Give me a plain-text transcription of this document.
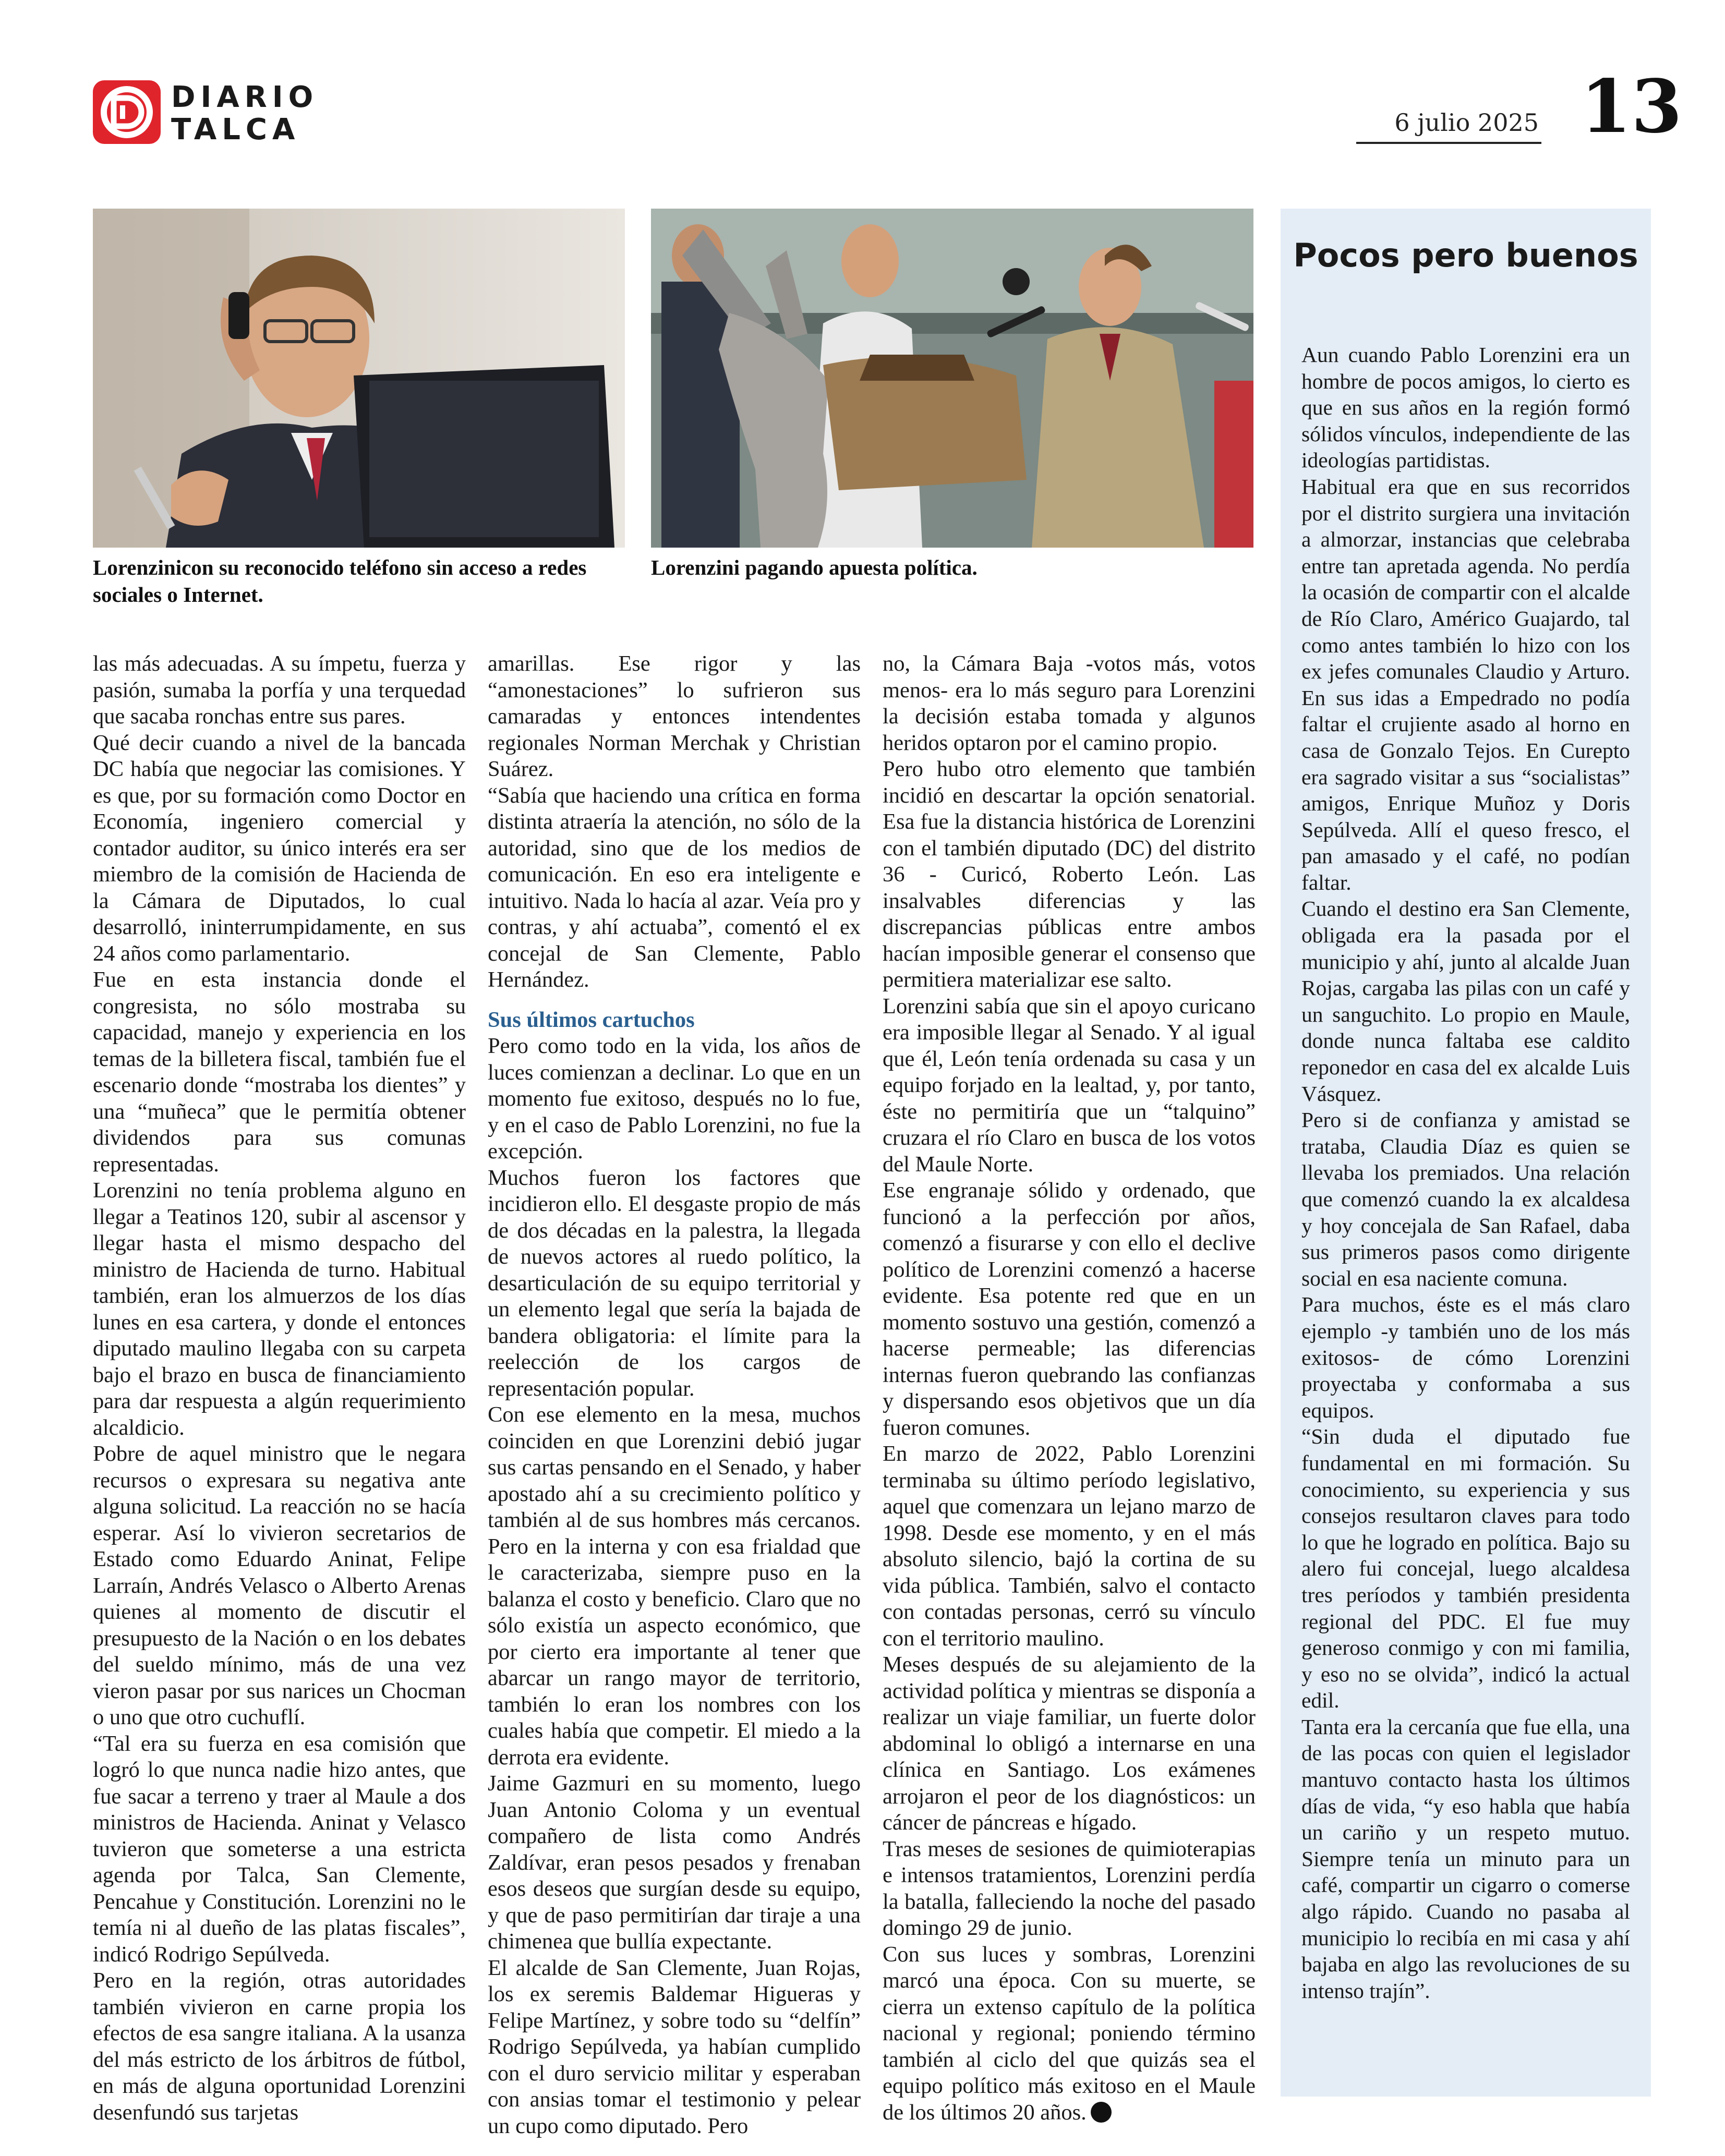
DIARIO
TALCA	6 julio 2025 13
Lorenzinicon su reconocido teléfono sin acceso a redes sociales o Internet.
Lorenzini pagando apuesta política.

las más adecuadas. A su ímpetu, fuerza y pasión, sumaba la porfía y una terquedad que sacaba ronchas entre sus pares.

Qué decir cuando a nivel de la bancada DC había que negociar las comisiones. Y es que, por su formación como Doctor en Economía, ingeniero comercial y contador auditor, su único interés era ser miembro de la comisión de Hacienda de la Cámara de Diputados, lo cual desarrolló, ininterrumpidamente, en sus 24 años como parlamentario.

Fue en esta instancia donde el congresista, no sólo mostraba su capacidad, manejo y experiencia en los temas de la billetera fiscal, también fue el escenario donde “mostraba los dientes” y una “muñeca” que le permitía obtener dividendos para sus comunas representadas.

Lorenzini no tenía problema alguno en llegar a Teatinos 120, subir al ascensor y llegar hasta el mismo despacho del ministro de Hacienda de turno. Habitual también, eran los almuerzos de los días lunes en esa cartera, y donde el entonces diputado maulino llegaba con su carpeta bajo el brazo en busca de financiamiento para dar respuesta a algún requerimiento alcaldicio.

Pobre de aquel ministro que le negara recursos o expresara su negativa ante alguna solicitud. La reacción no se hacía esperar. Así lo vivieron secretarios de Estado como Eduardo Aninat, Felipe Larraín, Andrés Velasco o Alberto Arenas quienes al momento de discutir el presupuesto de la Nación o en los debates del sueldo mínimo, más de una vez vieron pasar por sus narices un Chocman o uno que otro cuchuflí.

“Tal era su fuerza en esa comisión que logró lo que nunca nadie hizo antes, que fue sacar a terreno y traer al Maule a dos ministros de Hacienda. Aninat y Velasco tuvieron que someterse a una estricta agenda por Talca, San Clemente, Pencahue y Constitución. Lorenzini no le temía ni al dueño de las platas fiscales”, indicó Rodrigo Sepúlveda.

Pero en la región, otras autoridades también vivieron en carne propia los efectos de esa sangre italiana. A la usanza del más estricto de los árbitros de fútbol, en más de alguna oportunidad Lorenzini desenfundó sus tarjetas

amarillas. Ese rigor y las “amonestaciones” lo sufrieron sus camaradas y entonces intendentes regionales Norman Merchak y Christian Suárez.

“Sabía que haciendo una crítica en forma distinta atraería la atención, no sólo de la autoridad, sino que de los medios de comunicación. En eso era inteligente e intuitivo. Nada lo hacía al azar. Veía pro y contras, y ahí actuaba”, comentó el ex concejal de San Clemente, Pablo Hernández.

Sus últimos cartuchos

Pero como todo en la vida, los años de luces comienzan a declinar. Lo que en un momento fue exitoso, después no lo fue, y en el caso de Pablo Lorenzini, no fue la excepción.

Muchos fueron los factores que incidieron ello. El desgaste propio de más de dos décadas en la palestra, la llegada de nuevos actores al ruedo político, la desarticulación de su equipo territorial y un elemento legal que sería la bajada de bandera obligatoria: el límite para la reelección de los cargos de representación popular.

Con ese elemento en la mesa, muchos coinciden en que Lorenzini debió jugar sus cartas pensando en el Senado, y haber apostado ahí a su crecimiento político y también al de sus hombres más cercanos. Pero en la interna y con esa frialdad que le caracterizaba, siempre puso en la balanza el costo y beneficio. Claro que no sólo existía un aspecto económico, que por cierto era importante al tener que abarcar un rango mayor de territorio, también lo eran los nombres con los cuales había que competir. El miedo a la derrota era evidente.

Jaime Gazmuri en su momento, luego Juan Antonio Coloma y un eventual compañero de lista como Andrés Zaldívar, eran pesos pesados y frenaban esos deseos que surgían desde su equipo, y que de paso permitirían dar tiraje a una chimenea que bullía expectante.

El alcalde de San Clemente, Juan Rojas, los ex seremis Baldemar Higueras y Felipe Martínez, y sobre todo su “delfín” Rodrigo Sepúlveda, ya habían cumplido con el duro servicio militar y esperaban con ansias tomar el testimonio y pelear un cupo como diputado. Pero

no, la Cámara Baja -votos más, votos menos- era lo más seguro para Lorenzini la decisión estaba tomada y algunos heridos optaron por el camino propio.

Pero hubo otro elemento que también incidió en descartar la opción senatorial. Esa fue la distancia histórica de Lorenzini con el también diputado (DC) del distrito 36 - Curicó, Roberto León. Las insalvables diferencias y las discrepancias públicas entre ambos hacían imposible generar el consenso que permitiera materializar ese salto.

Lorenzini sabía que sin el apoyo curicano era imposible llegar al Senado. Y al igual que él, León tenía ordenada su casa y un equipo forjado en la lealtad, y, por tanto, éste no permitiría que un “talquino” cruzara el río Claro en busca de los votos del Maule Norte.

Ese engranaje sólido y ordenado, que funcionó a la perfección por años, comenzó a fisurarse y con ello el declive político de Lorenzini comenzó a hacerse evidente. Esa potente red que en un momento sostuvo una gestión, comenzó a hacerse permeable; las diferencias internas fueron quebrando las confianzas y dispersando esos objetivos que un día fueron comunes.

En marzo de 2022, Pablo Lorenzini terminaba su último período legislativo, aquel que comenzara un lejano marzo de 1998. Desde ese momento, y en el más absoluto silencio, bajó la cortina de su vida pública. También, salvo el contacto con contadas personas, cerró su vínculo con el territorio maulino.

Meses después de su alejamiento de la actividad política y mientras se disponía a realizar un viaje familiar, un fuerte dolor abdominal lo obligó a internarse en una clínica en Santiago. Los exámenes arrojaron el peor de los diagnósticos: un cáncer de páncreas e hígado.

Tras meses de sesiones de quimioterapias e intensos tratamientos, Lorenzini perdía la batalla, falleciendo la noche del pasado domingo 29 de junio.

Con sus luces y sombras, Lorenzini marcó una época. Con su muerte, se cierra un extenso capítulo de la política nacional y regional; poniendo término también al ciclo del que quizás sea el equipo político más exitoso en el Maule de los últimos 20 años.

Pocos pero buenos

Aun cuando Pablo Lorenzini era un hombre de pocos amigos, lo cierto es que en sus años en la región formó sólidos vínculos, independiente de las ideologías partidistas.

Habitual era que en sus recorridos por el distrito surgiera una invitación a almorzar, instancias que celebraba entre tan apretada agenda. No perdía la ocasión de compartir con el alcalde de Río Claro, Américo Guajardo, tal como antes también lo hizo con los ex jefes comunales Claudio y Arturo. En sus idas a Empedrado no podía faltar el crujiente asado al horno en casa de Gonzalo Tejos. En Curepto era sagrado visitar a sus “socialistas” amigos, Enrique Muñoz y Doris Sepúlveda. Allí el queso fresco, el pan amasado y el café, no podían faltar.

Cuando el destino era San Clemente, obligada era la pasada por el municipio y ahí, junto al alcalde Juan Rojas, cargaba las pilas con un café y un sanguchito. Lo propio en Maule, donde nunca faltaba ese caldito reponedor en casa del ex alcalde Luis Vásquez.

Pero si de confianza y amistad se trataba, Claudia Díaz es quien se llevaba los premiados. Una relación que comenzó cuando la ex alcaldesa y hoy concejala de San Rafael, daba sus primeros pasos como dirigente social en esa naciente comuna.

Para muchos, éste es el más claro ejemplo -y también uno de los más exitosos- de cómo Lorenzini proyectaba y conformaba a sus equipos.

“Sin duda el diputado fue fundamental en mi formación. Su conocimiento, su experiencia y sus consejos resultaron claves para todo lo que he logrado en política. Bajo su alero fui concejal, luego alcaldesa tres períodos y también presidenta regional del PDC. El fue muy generoso conmigo y con mi familia, y eso no se olvida”, indicó la actual edil.

Tanta era la cercanía que fue ella, una de las pocas con quien el legislador mantuvo contacto hasta los últimos días de vida, “y eso habla que había un cariño y un respeto mutuo. Siempre tenía un minuto para un café, compartir un cigarro o comerse algo rápido. Cuando no pasaba al municipio lo recibía en mi casa y ahí bajaba en algo las revoluciones de su intenso trajín”.
